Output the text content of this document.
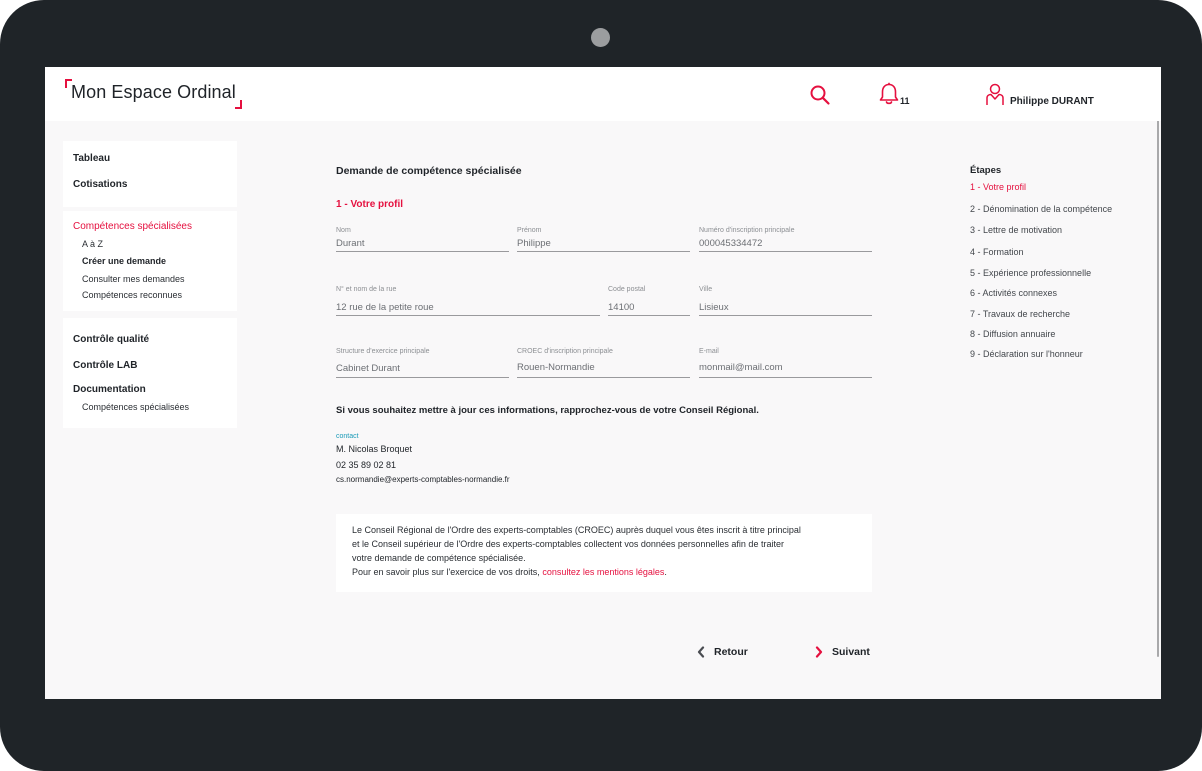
Mon Espace Ordinal	11	Philippe DURANT
Tableau
Cotisations
Compétences spécialisées
A à Z
Créer une demande
Consulter mes demandes
Compétences reconnues
Contrôle qualité
Contrôle LAB
Documentation
Compétences spécialisées
Demande de compétence spécialisée
1 - Votre profil
Nom
Durant
Prénom
Philippe
Numéro d'inscription principale
000045334472
N° et nom de la rue
12 rue de la petite roue
Code postal
14100
Ville
Lisieux
Structure d'exercice principale
Cabinet Durant
CROEC d'inscription principale
Rouen-Normandie
E-mail
monmail@mail.com
Si vous souhaitez mettre à jour ces informations, rapprochez-vous de votre Conseil Régional.
contact
M. Nicolas Broquet
02 35 89 02 81
cs.normandie@experts-comptables-normandie.fr
Le Conseil Régional de l'Ordre des experts-comptables (CROEC) auprès duquel vous êtes inscrit à titre principal
et le Conseil supérieur de l'Ordre des experts-comptables collectent vos données personnelles afin de traiter
votre demande de compétence spécialisée.
Pour en savoir plus sur l'exercice de vos droits, consultez les mentions légales.
Retour	Suivant
Étapes
1 - Votre profil
2 - Dénomination de la compétence
3 - Lettre de motivation
4 - Formation
5 - Expérience professionnelle
6 - Activités connexes
7 - Travaux de recherche
8 - Diffusion annuaire
9 - Déclaration sur l'honneur
